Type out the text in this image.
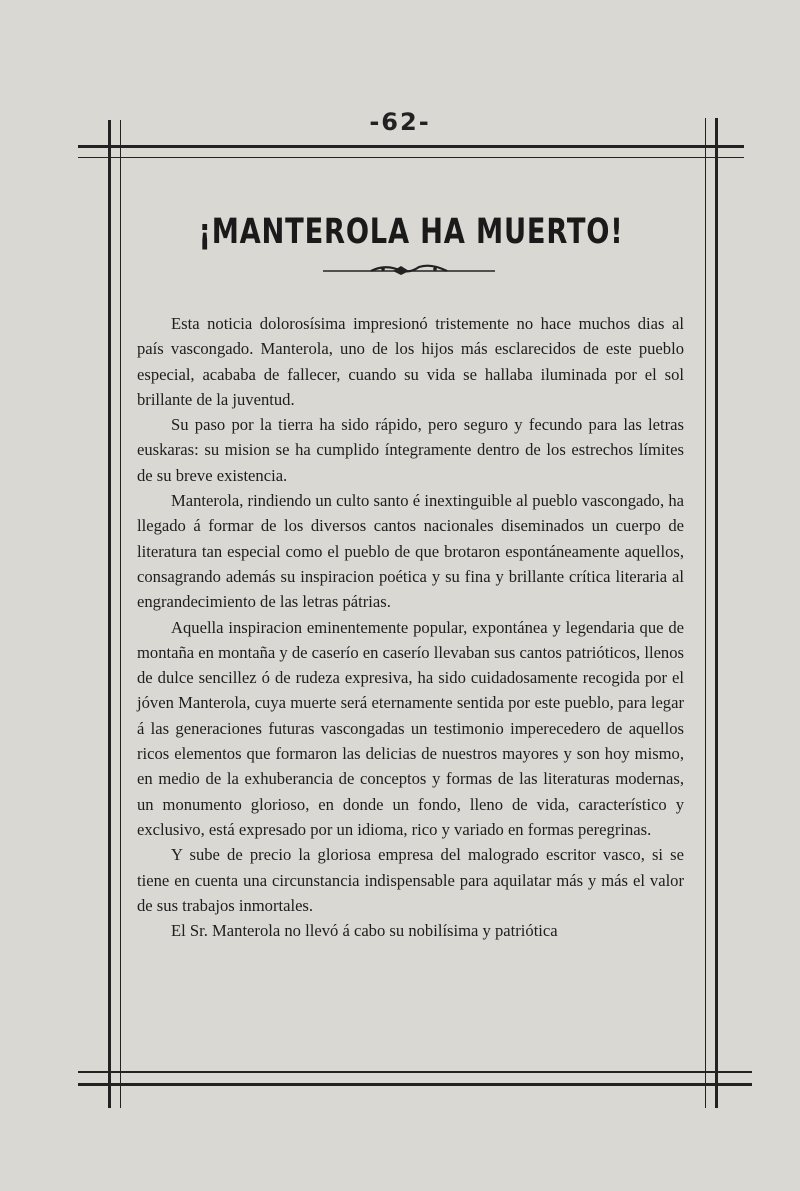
-62-
¡MANTEROLA HA MUERTO!

Esta noticia dolorosísima impresionó tristemente no hace muchos dias al país vascongado. Manterola, uno de los hijos más esclarecidos de este pueblo especial, acababa de fallecer, cuando su vida se hallaba iluminada por el sol brillante de la juventud.

Su paso por la tierra ha sido rápido, pero seguro y fecundo para las letras euskaras: su mision se ha cumplido íntegramente dentro de los estrechos límites de su breve existencia.

Manterola, rindiendo un culto santo é inextinguible al pueblo vascongado, ha llegado á formar de los diversos cantos nacionales diseminados un cuerpo de literatura tan especial como el pueblo de que brotaron espontáneamente aquellos, consagrando además su inspiracion poética y su fina y brillante crítica literaria al engrandecimiento de las letras pátrias.

Aquella inspiracion eminentemente popular, expontánea y legendaria que de montaña en montaña y de caserío en caserío llevaban sus cantos patrióticos, llenos de dulce sencillez ó de rudeza expresiva, ha sido cuidadosamente recogida por el jóven Manterola, cuya muerte será eternamente sentida por este pueblo, para legar á las generaciones futuras vascongadas un testimonio imperecedero de aquellos ricos elementos que formaron las delicias de nuestros mayores y son hoy mismo, en medio de la exhuberancia de conceptos y formas de las literaturas modernas, un monumento glorioso, en donde un fondo, lleno de vida, característico y exclusivo, está expresado por un idioma, rico y variado en formas peregrinas.

Y sube de precio la gloriosa empresa del malogrado escritor vasco, si se tiene en cuenta una circunstancia indispensable para aquilatar más y más el valor de sus trabajos inmortales.

El Sr. Manterola no llevó á cabo su nobilísima y patriótica
